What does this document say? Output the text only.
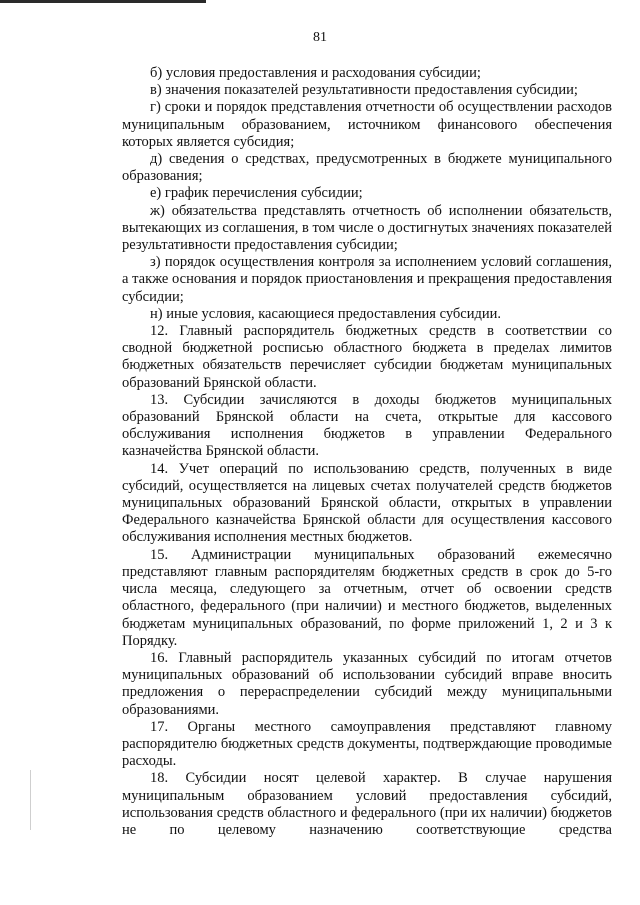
81

б) условия предоставления и расходования субсидии;

в) значения показателей результативности предоставления субсидии;

г) сроки и порядок представления отчетности об осуществлении расходов муниципальным образованием, источником финансового обеспечения которых является субсидия;

д) сведения о средствах, предусмотренных в бюджете муниципального образования;

е) график перечисления субсидии;

ж) обязательства представлять отчетность об исполнении обязательств, вытекающих из соглашения, в том числе о достигнутых значениях показателей результативности предоставления субсидии;

з) порядок осуществления контроля за исполнением условий соглашения, а также основания и порядок приостановления и прекращения предоставления субсидии;

н) иные условия, касающиеся предоставления субсидии.

12. Главный распорядитель бюджетных средств в соответствии со сводной бюджетной росписью областного бюджета в пределах лимитов бюджетных обязательств перечисляет субсидии бюджетам муниципальных образований Брянской области.

13. Субсидии зачисляются в доходы бюджетов муниципальных образований Брянской области на счета, открытые для кассового обслуживания исполнения бюджетов в управлении Федерального казначейства Брянской области.

14. Учет операций по использованию средств, полученных в виде субсидий, осуществляется на лицевых счетах получателей средств бюджетов муниципальных образований Брянской области, открытых в управлении Федерального казначейства Брянской области для осуществления кассового обслуживания исполнения местных бюджетов.

15. Администрации муниципальных образований ежемесячно представляют главным распорядителям бюджетных средств в срок до 5-го числа месяца, следующего за отчетным, отчет об освоении средств областного, федерального (при наличии) и местного бюджетов, выделенных бюджетам муниципальных образований, по форме приложений 1, 2 и 3 к Порядку.

16. Главный распорядитель указанных субсидий по итогам отчетов муниципальных образований об использовании субсидий вправе вносить предложения о перераспределении субсидий между муниципальными образованиями.

17. Органы местного самоуправления представляют главному распорядителю бюджетных средств документы, подтверждающие проводимые расходы.

18. Субсидии носят целевой характер. В случае нарушения муниципальным образованием условий предоставления субсидий, использования средств областного и федерального (при их наличии) бюджетов не по целевому назначению соответствующие средства
